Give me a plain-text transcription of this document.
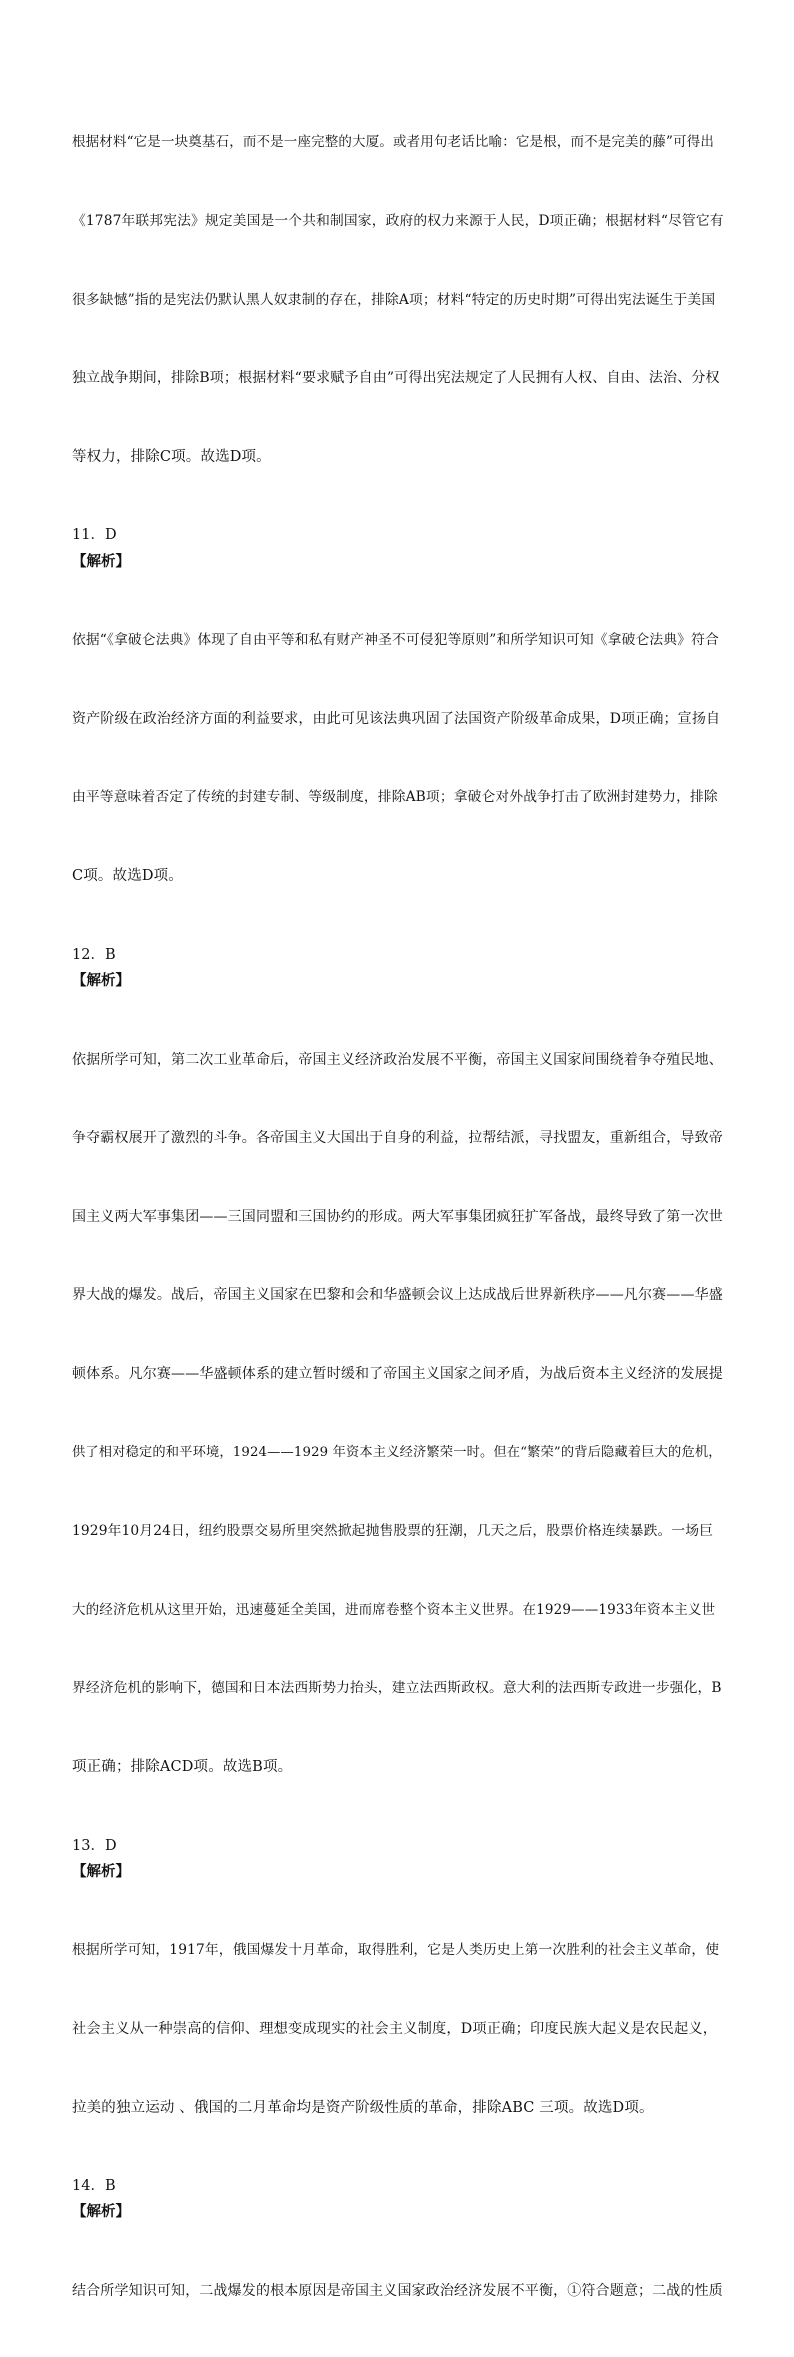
根据材料“它是一块奠基石，而不是一座完整的大厦。或者用句老话比喻：它是根，而不是完美的藤”可得出

《1787年联邦宪法》规定美国是一个共和制国家，政府的权力来源于人民，D项正确；根据材料“尽管它有

很多缺憾”指的是宪法仍默认黑人奴隶制的存在，排除A项；材料“特定的历史时期”可得出宪法诞生于美国

独立战争期间，排除B项；根据材料“要求赋予自由”可得出宪法规定了人民拥有人权、自由、法治、分权

等权力，排除C项。故选D项。

11．D
【解析】

依据“《拿破仑法典》体现了自由平等和私有财产神圣不可侵犯等原则”和所学知识可知《拿破仑法典》符合

资产阶级在政治经济方面的利益要求，由此可见该法典巩固了法国资产阶级革命成果，D项正确；宣扬自

由平等意味着否定了传统的封建专制、等级制度，排除AB项；拿破仑对外战争打击了欧洲封建势力，排除

C项。故选D项。

12．B
【解析】

依据所学可知，第二次工业革命后，帝国主义经济政治发展不平衡，帝国主义国家间围绕着争夺殖民地、

争夺霸权展开了激烈的斗争。各帝国主义大国出于自身的利益，拉帮结派，寻找盟友，重新组合，导致帝

国主义两大军事集团——三国同盟和三国协约的形成。两大军事集团疯狂扩军备战，最终导致了第一次世

界大战的爆发。战后，帝国主义国家在巴黎和会和华盛顿会议上达成战后世界新秩序——凡尔赛——华盛

顿体系。凡尔赛——华盛顿体系的建立暂时缓和了帝国主义国家之间矛盾，为战后资本主义经济的发展提

供了相对稳定的和平环境，1924——1929 年资本主义经济繁荣一时。但在“繁荣”的背后隐藏着巨大的危机，

1929年10月24日，纽约股票交易所里突然掀起抛售股票的狂潮，几天之后，股票价格连续暴跌。一场巨

大的经济危机从这里开始，迅速蔓延全美国，进而席卷整个资本主义世界。在1929——1933年资本主义世

界经济危机的影响下，德国和日本法西斯势力抬头，建立法西斯政权。意大利的法西斯专政进一步强化，B

项正确；排除ACD项。故选B项。

13．D
【解析】

根据所学可知，1917年，俄国爆发十月革命，取得胜利，它是人类历史上第一次胜利的社会主义革命，使

社会主义从一种崇高的信仰、理想变成现实的社会主义制度，D项正确；印度民族大起义是农民起义，

拉美的独立运动 、俄国的二月革命均是资产阶级性质的革命，排除ABC 三项。故选D项。

14．B
【解析】

结合所学知识可知，二战爆发的根本原因是帝国主义国家政治经济发展不平衡，①符合题意；二战的性质
